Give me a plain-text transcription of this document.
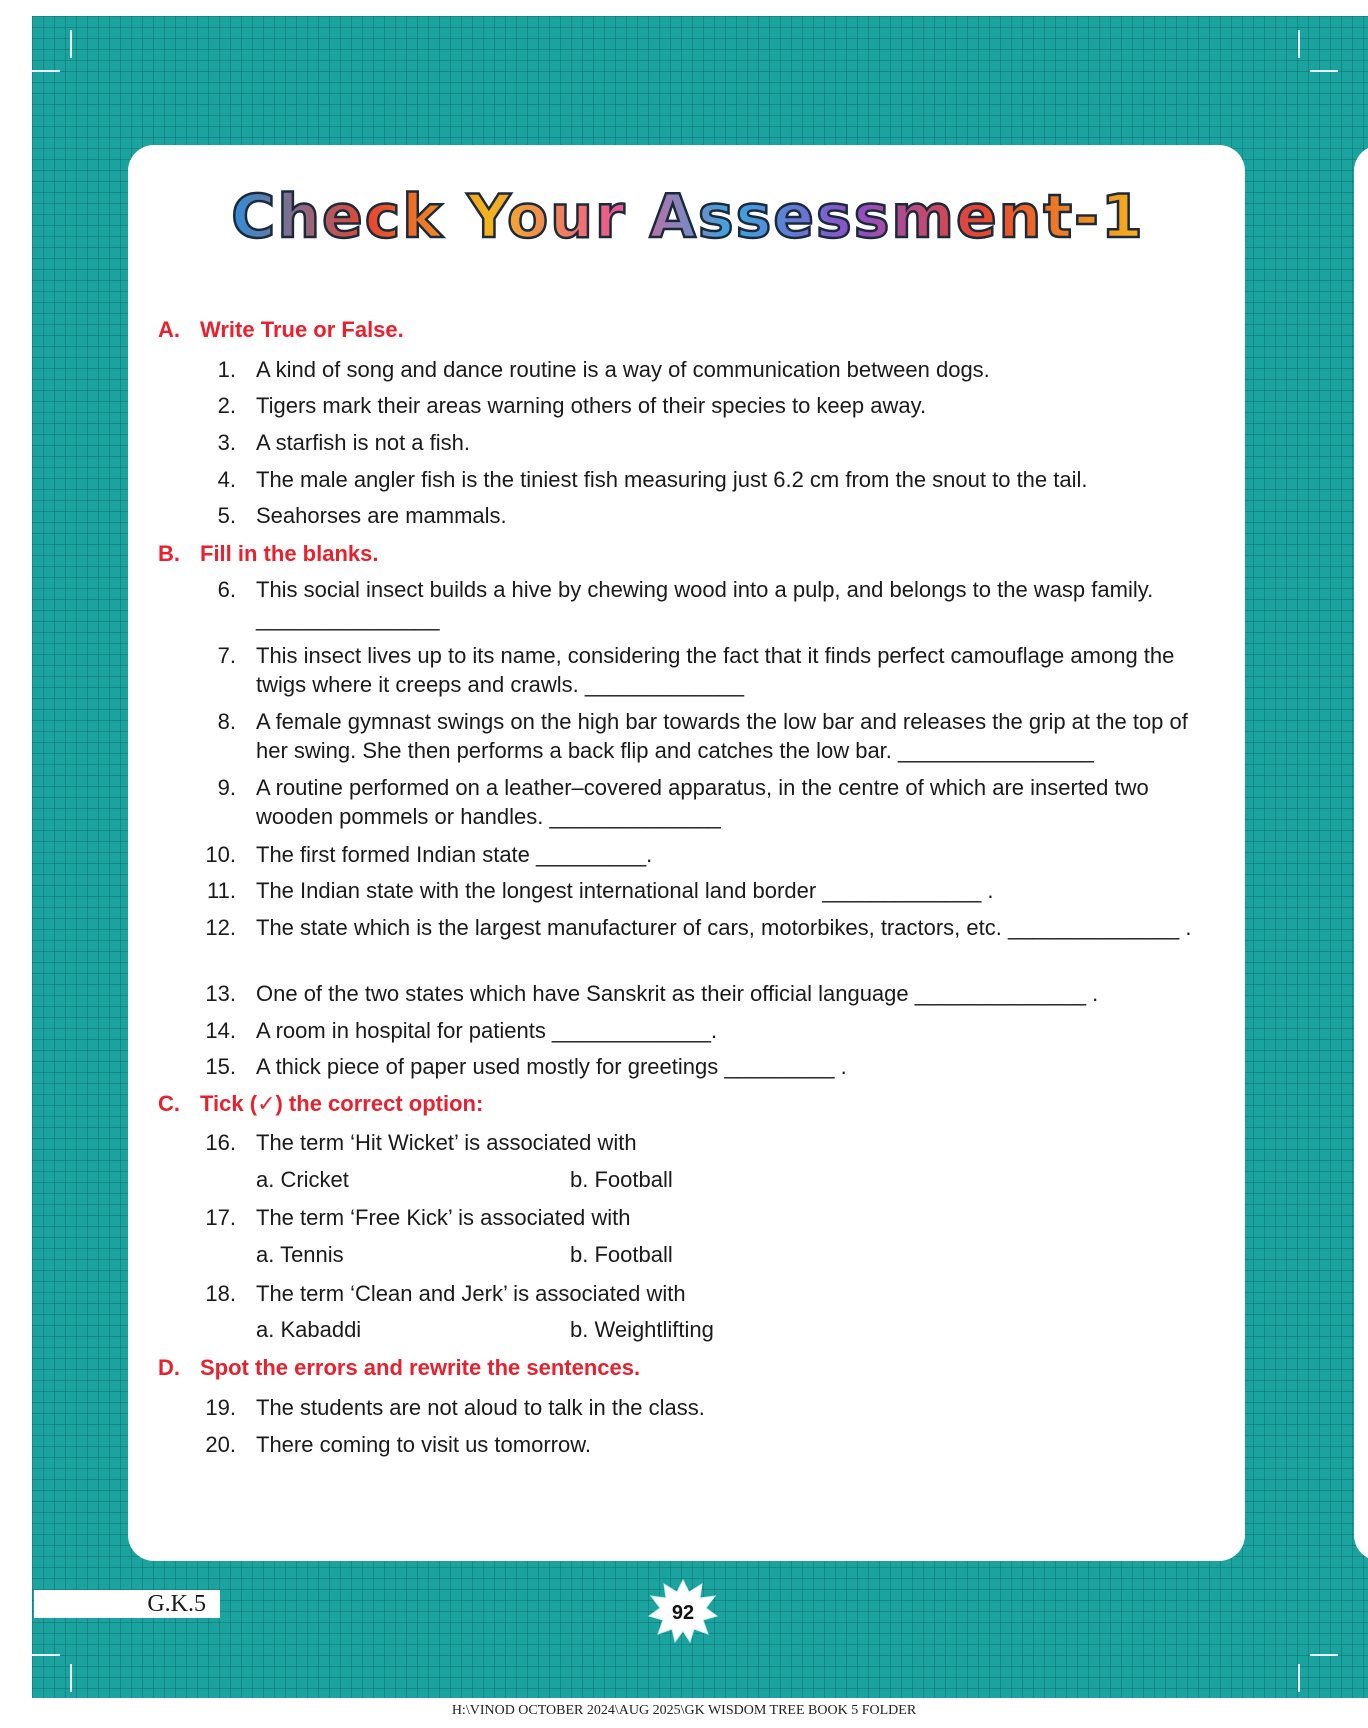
Check Your Assessment-1
A. Write True or False.
1. A kind of song and dance routine is a way of communication between dogs.
2. Tigers mark their areas warning others of their species to keep away.
3. A starfish is not a fish.
4. The male angler fish is the tiniest fish measuring just 6.2 cm from the snout to the tail.
5. Seahorses are mammals.
B. Fill in the blanks.
6. This social insect builds a hive by chewing wood into a pulp, and belongs to the wasp family. _______________
7. This insect lives up to its name, considering the fact that it finds perfect camouflage among the twigs where it creeps and crawls. _____________
8. A female gymnast swings on the high bar towards the low bar and releases the grip at the top of her swing. She then performs a back flip and catches the low bar. ________________
9. A routine performed on a leather–covered apparatus, in the centre of which are inserted two wooden pommels or handles. ______________
10. The first formed Indian state _________.
11. The Indian state with the longest international land border _____________ .
12. The state which is the largest manufacturer of cars, motorbikes, tractors, etc. ______________ .
13. One of the two states which have Sanskrit as their official language ______________ .
14. A room in hospital for patients _____________.
15. A thick piece of paper used mostly for greetings _________ .
C. Tick (✓) the correct option:
16. The term ‘Hit Wicket’ is associated with
a. Cricket	b. Football
17. The term ‘Free Kick’ is associated with
a. Tennis	b. Football
18. The term ‘Clean and Jerk’ is associated with
a. Kabaddi	b. Weightlifting
D. Spot the errors and rewrite the sentences.
19. The students are not aloud to talk in the class.
20. There coming to visit us tomorrow.
G.K.5	92
H:\VINOD OCTOBER 2024\AUG 2025\GK WISDOM TREE BOOK 5 FOLDER
